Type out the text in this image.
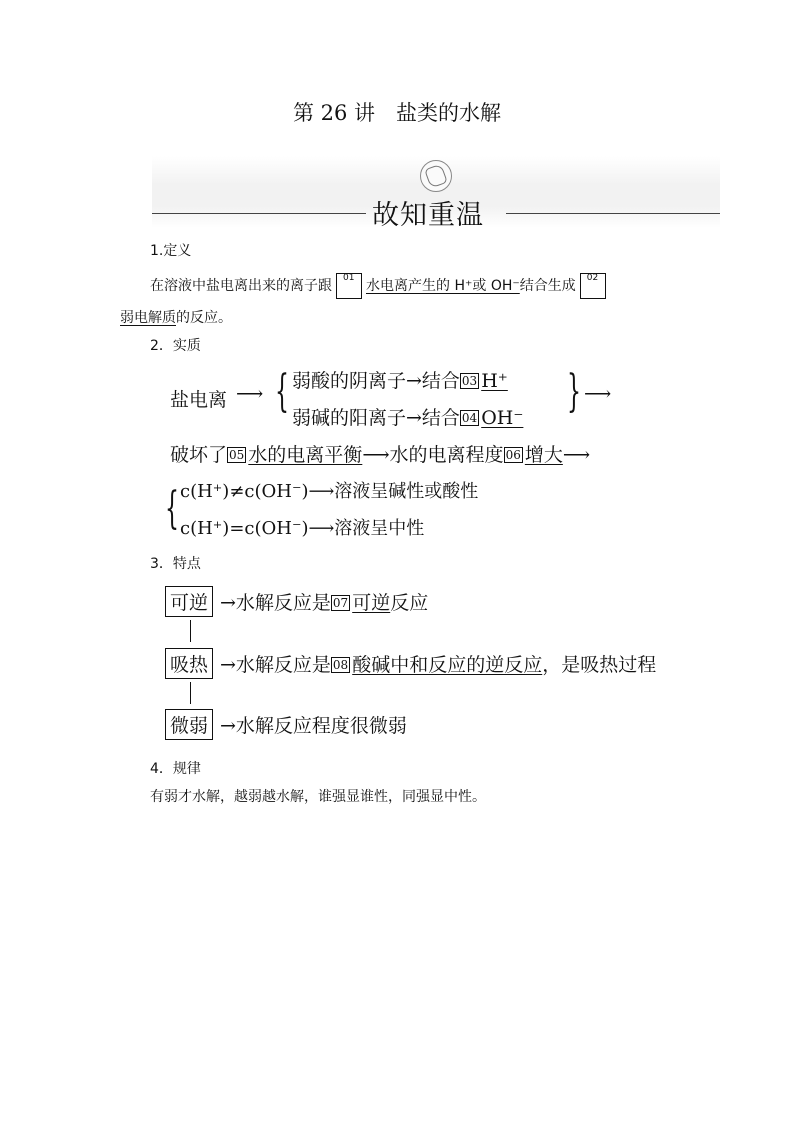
第 26 讲　盐类的水解
故知重温
1.定义
在溶液中盐电离出来的离子跟 01 水电离产生的 H⁺或 OH⁻结合生成 02
弱电解质的反应。
2．实质
盐电离 ⟶ { 弱酸的阴离子→结合 03 H⁺
弱碱的阳离子→结合 04 OH⁻
} ⟶
破坏了 05 水的电离平衡⟶水的电离程度 06 增大⟶
{ c(H⁺)≠c(OH⁻)⟶溶液呈碱性或酸性
c(H⁺)=c(OH⁻)⟶溶液呈中性
3．特点
可逆 →水解反应是 07 可逆反应
吸热 →水解反应是 08 酸碱中和反应的逆反应，是吸热过程
微弱 →水解反应程度很微弱
4．规律
有弱才水解，越弱越水解，谁强显谁性，同强显中性。
